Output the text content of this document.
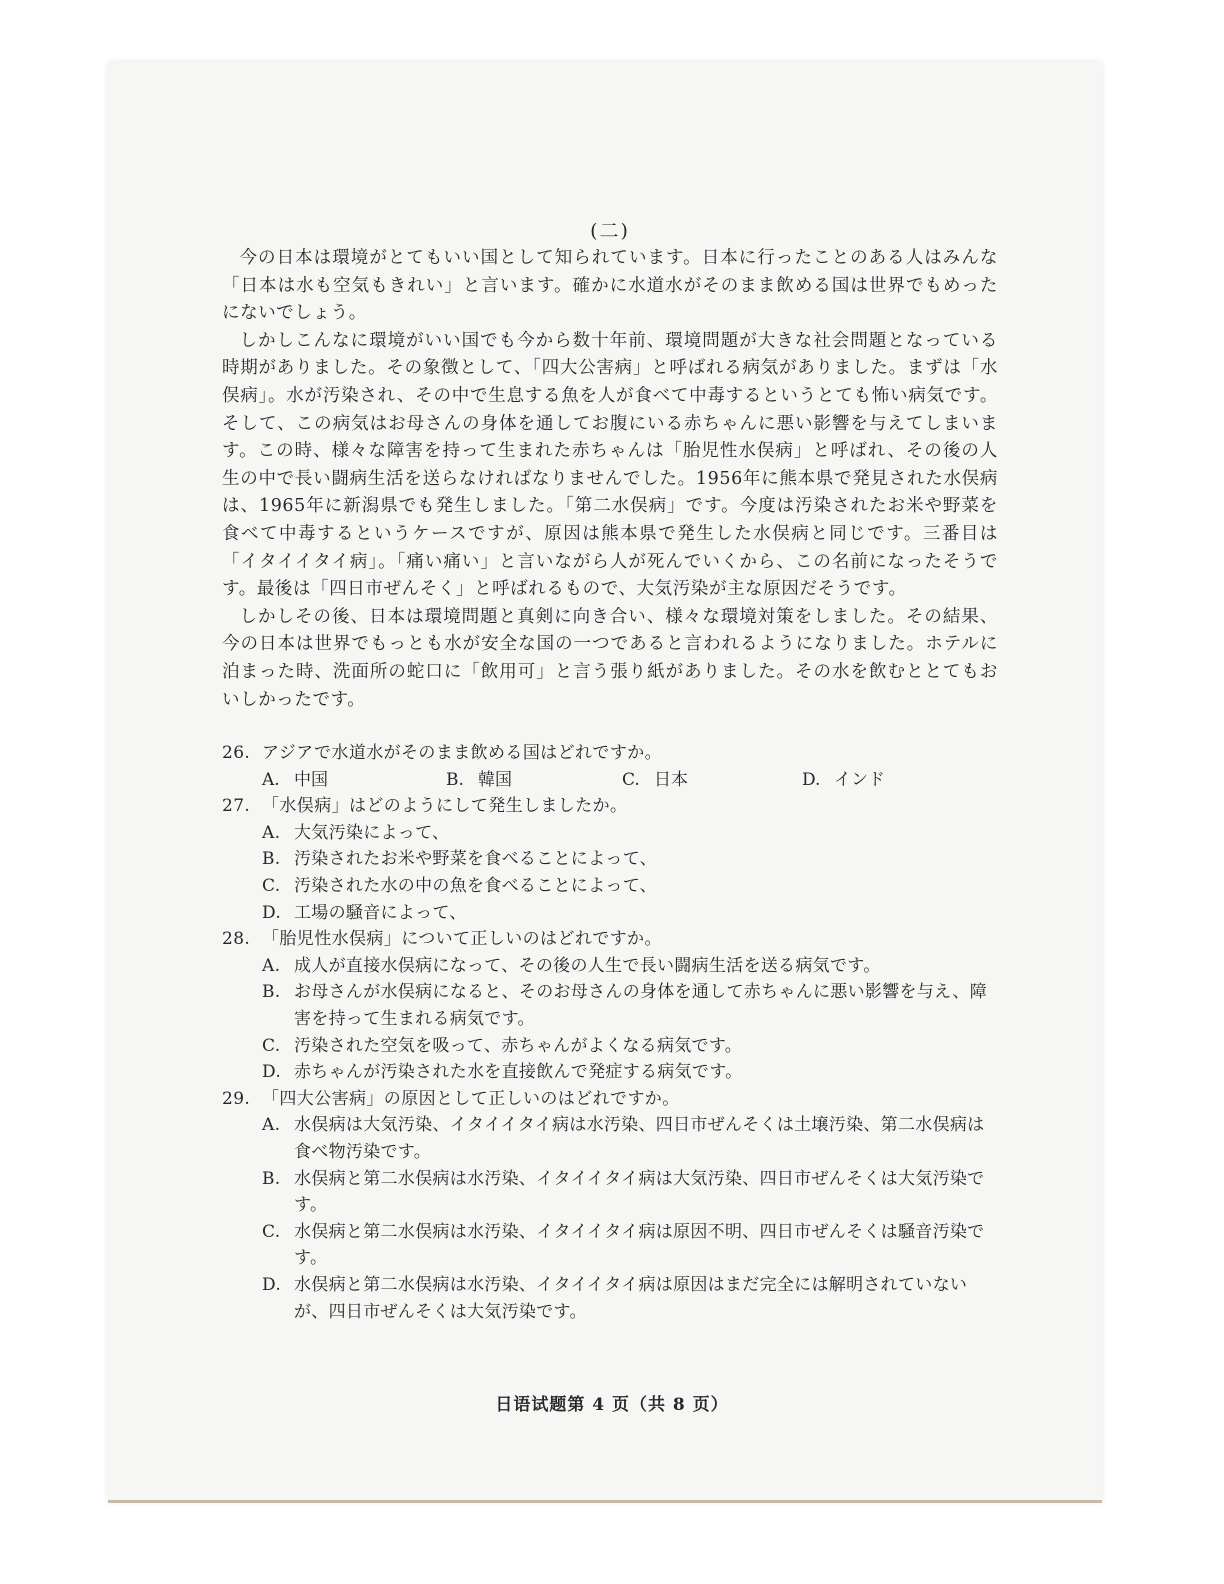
(二)

今の日本は環境がとてもいい国として知られています。日本に行ったことのある人はみんな「日本は水も空気もきれい」と言います。確かに水道水がそのまま飲める国は世界でもめったにないでしょう。

しかしこんなに環境がいい国でも今から数十年前、環境問題が大きな社会問題となっている時期がありました。その象徴として、「四大公害病」と呼ばれる病気がありました。まずは「水俣病」。水が汚染され、その中で生息する魚を人が食べて中毒するというとても怖い病気です。そして、この病気はお母さんの身体を通してお腹にいる赤ちゃんに悪い影響を与えてしまいます。この時、様々な障害を持って生まれた赤ちゃんは「胎児性水俣病」と呼ばれ、その後の人生の中で長い闘病生活を送らなければなりませんでした。1956年に熊本県で発見された水俣病は、1965年に新潟県でも発生しました。「第二水俣病」です。今度は汚染されたお米や野菜を食べて中毒するというケースですが、原因は熊本県で発生した水俣病と同じです。三番目は「イタイイタイ病」。「痛い痛い」と言いながら人が死んでいくから、この名前になったそうです。最後は「四日市ぜんそく」と呼ばれるもので、大気汚染が主な原因だそうです。

しかしその後、日本は環境問題と真剣に向き合い、様々な環境対策をしました。その結果、今の日本は世界でもっとも水が安全な国の一つであると言われるようになりました。ホテルに泊まった時、洗面所の蛇口に「飲用可」と言う張り紙がありました。その水を飲むととてもおいしかったです。

26. アジアで水道水がそのまま飲める国はどれですか。
A. 中国	B. 韓国	C. 日本	D. インド
27. 「水俣病」はどのようにして発生しましたか。
A. 大気汚染によって、
B. 汚染されたお米や野菜を食べることによって、
C. 汚染された水の中の魚を食べることによって、
D. 工場の騒音によって、
28. 「胎児性水俣病」について正しいのはどれですか。
A. 成人が直接水俣病になって、その後の人生で長い闘病生活を送る病気です。
B. お母さんが水俣病になると、そのお母さんの身体を通して赤ちゃんに悪い影響を与え、障害を持って生まれる病気です。
C. 汚染された空気を吸って、赤ちゃんがよくなる病気です。
D. 赤ちゃんが汚染された水を直接飲んで発症する病気です。
29. 「四大公害病」の原因として正しいのはどれですか。
A. 水俣病は大気汚染、イタイイタイ病は水汚染、四日市ぜんそくは土壌汚染、第二水俣病は食べ物汚染です。
B. 水俣病と第二水俣病は水汚染、イタイイタイ病は大気汚染、四日市ぜんそくは大気汚染です。
C. 水俣病と第二水俣病は水汚染、イタイイタイ病は原因不明、四日市ぜんそくは騒音汚染です。
D. 水俣病と第二水俣病は水汚染、イタイイタイ病は原因はまだ完全には解明されていないが、四日市ぜんそくは大気汚染です。
日语试题第 4 页（共 8 页）
